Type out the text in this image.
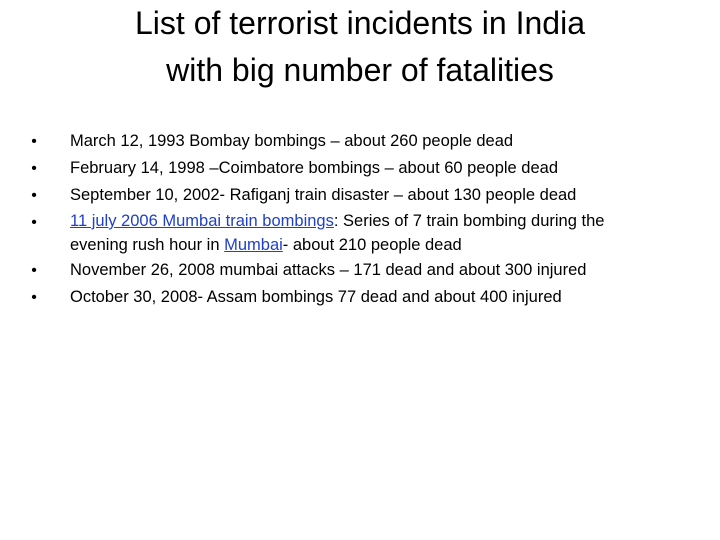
List of terrorist incidents in India
with big number of fatalities
• March 12, 1993 Bombay bombings – about 260 people dead
• February 14, 1998 –Coimbatore bombings – about 60 people dead
• September 10, 2002- Rafiganj train disaster – about 130 people dead
• 11 july 2006 Mumbai train bombings: Series of 7 train bombing during the
evening rush hour in Mumbai- about 210 people dead
• November 26, 2008 mumbai attacks – 171 dead and about 300 injured
• October 30, 2008- Assam bombings 77 dead and about 400 injured
